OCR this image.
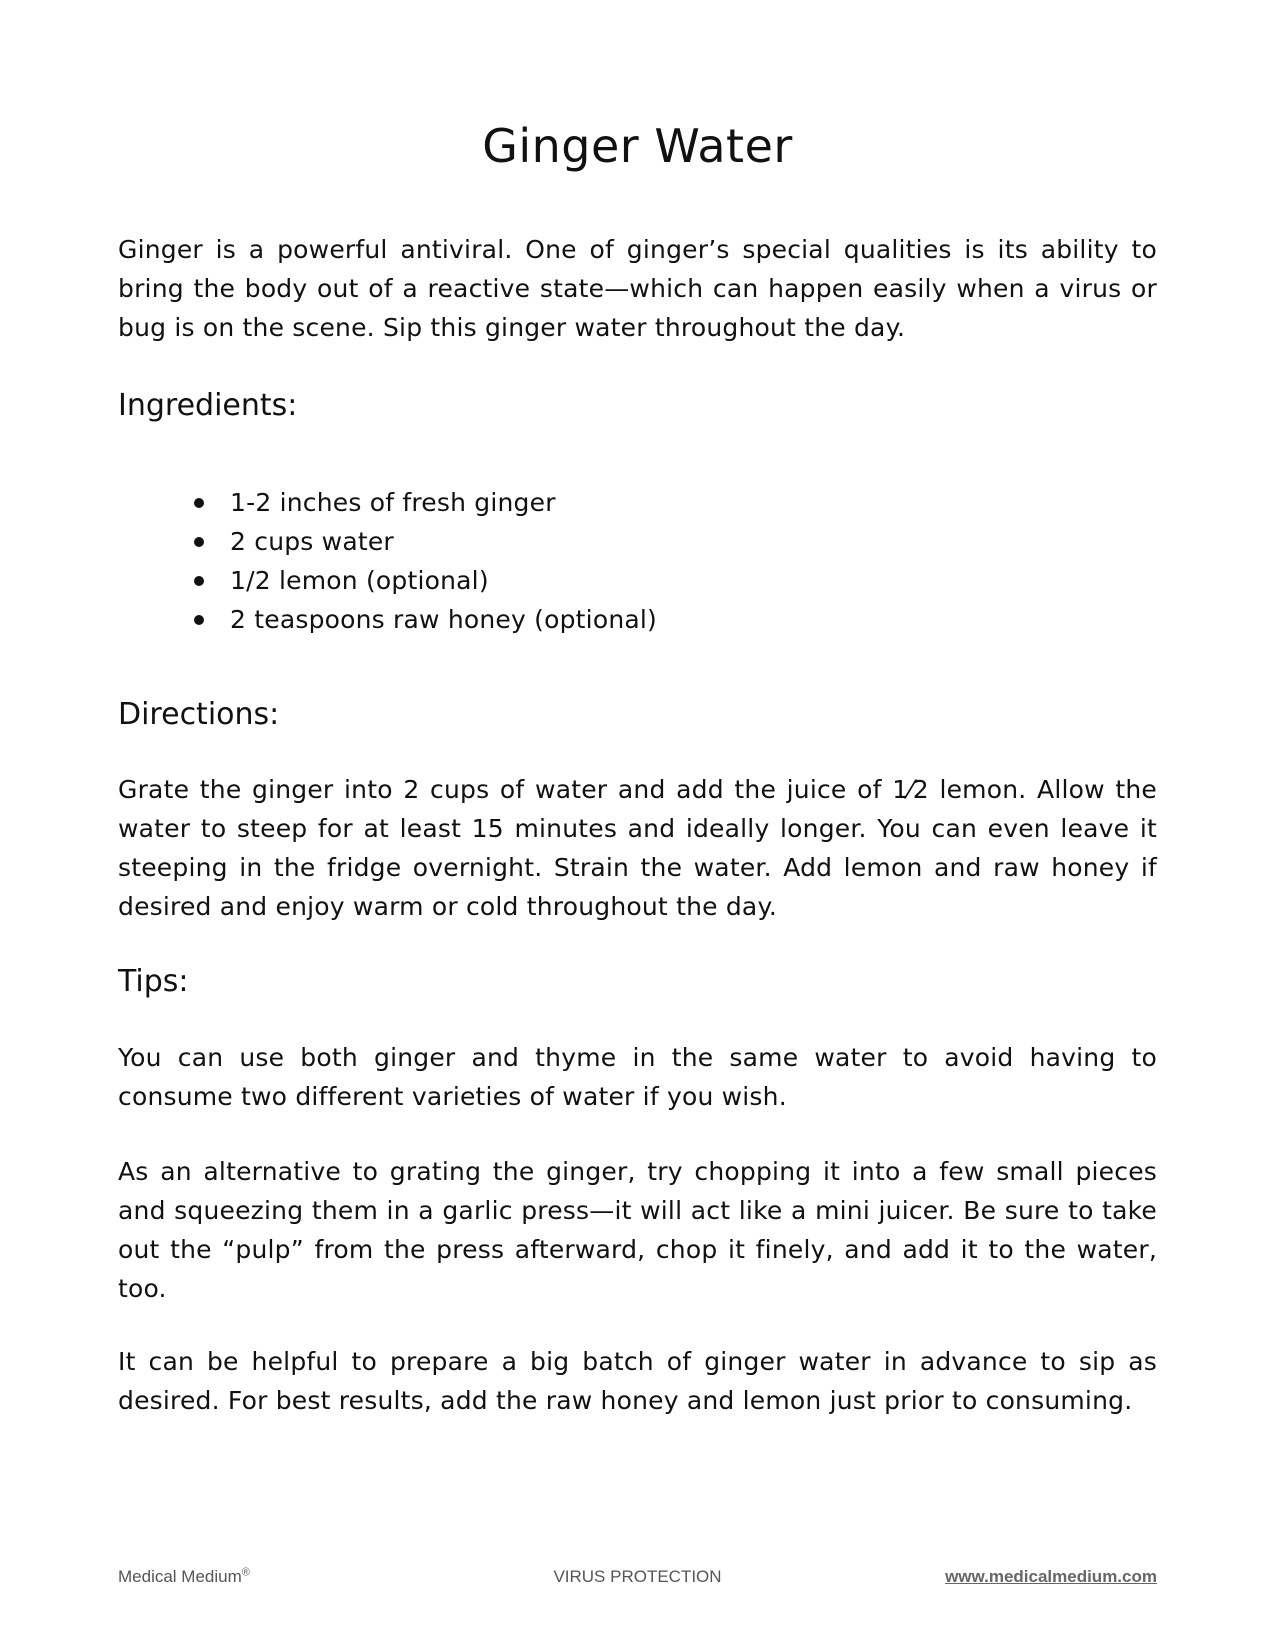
Ginger Water

Ginger is a powerful antiviral. One of ginger’s special qualities is its ability to bring the body out of a reactive state—which can happen easily when a virus or bug is on the scene. Sip this ginger water throughout the day.

Ingredients:
1-2 inches of fresh ginger
2 cups water
1/2 lemon (optional)
2 teaspoons raw honey (optional)
Directions:

Grate the ginger into 2 cups of water and add the juice of 1⁄2 lemon. Allow the water to steep for at least 15 minutes and ideally longer. You can even leave it steeping in the fridge overnight. Strain the water. Add lemon and raw honey if desired and enjoy warm or cold throughout the day.

Tips:

You can use both ginger and thyme in the same water to avoid having to consume two different varieties of water if you wish.

As an alternative to grating the ginger, try chopping it into a few small pieces and squeezing them in a garlic press—it will act like a mini juicer. Be sure to take out the “pulp” from the press afterward, chop it finely, and add it to the water, too.

It can be helpful to prepare a big batch of ginger water in advance to sip as desired. For best results, add the raw honey and lemon just prior to consuming.

Medical Medium®	VIRUS PROTECTION	www.medicalmedium.com
